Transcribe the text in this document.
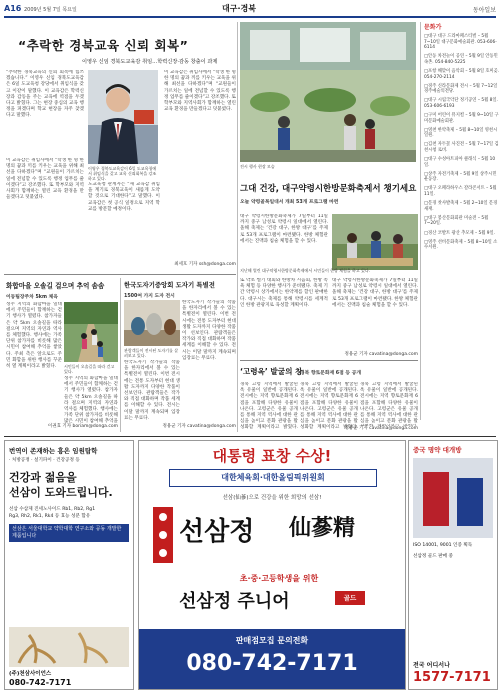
A16 2009년 5월 7일 목요일	대구·경북	동아일보
“추락한 경북교육 신뢰 회복”
이영우 신임 경북도교육감 취임…학력신장·감동 창출이 과제
“추락한 경북교육의 신뢰 회복에 힘쓰겠습니다.” 이영우 신임 경북도교육감은 6일 도교육청 강당에서 취임식을 갖고 이같이 말했다. 이 교육감은 학력신장과 감동을 주는 교육에 역점을 두겠다고 밝혔다. 그는 현장 중심의 교육 행정을 펴겠다며 학교 현장을 자주 찾겠다고 말했다.
이영우 경북도교육감이 6일 도교육청에서 취임식을 갖고 교육 신뢰회복을 강조하고 있다.
이 교육감은 취임사에서 “학생 한 명 한 명의 꿈과 끼를 키우는 교육을 위해 최선을 다하겠다”며 “교원들이 가르치는 일에 전념할 수 있도록 행정 업무를 줄이겠다”고 강조했다. 또 학부모와 지역사회가 함께하는 열린 교육 환경을 만들겠다고 덧붙였다.
도교육청 관계자는 “새 교육감 취임을 계기로 경북교육이 새롭게 도약할 것으로 기대한다”고 말했다. 이 교육감은 첫 공식 일정으로 지역 학교를 방문할 예정이다.
이 교육감은 취임사에서 “학생 한 명 한 명의 꿈과 끼를 키우는 교육을 위해 최선을 다하겠다”며 “교원들이 가르치는 일에 전념할 수 있도록 행정 업무를 줄이겠다”고 강조했다. 또 학부모와 지역사회가 함께하는 열린 교육 환경을 만들겠다고 덧붙였다.
최세호 기자 ssh@donga.com
전시 행사 현장 모습
그대 건강, 대구약령시한방문화축제서 챙기세요
오늘 약령골목일대서 개최 53개 프로그램 마련
지난해 열린 대구약령시한방문화축제에서 시민들이 한방 체험을 하고 있다.
대구 약령시한방문화축제가 7일부터 11일까지 중구 남성로 약령시 일대에서 열린다. 올해 축제는 ‘건강 대구, 한방 대구’를 주제로 53개 프로그램이 마련됐다. 한방 체험관에서는 진맥과 침술 체험을 할 수 있다.
또 약초 썰기 대회와 한방차 시음회, 한방 족욕 체험 등 다양한 행사가 준비됐다. 축제 기간 약령시 상가에서는 한약재를 할인 판매한다. 대구시는 축제를 통해 약령시를 세계적인 한방 관광지로 육성할 계획이다.
대구 약령시한방문화축제가 7일부터 11일까지 중구 남성로 약령시 일대에서 열린다. 올해 축제는 ‘건강 대구, 한방 대구’를 주제로 53개 프로그램이 마련됐다. 한방 체험관에서는 진맥과 침술 체험을 할 수 있다.
정용균 기자 cavatina@donga.com
화합마을 오솔길 걸으며 추억 솜솜
이동팀장주차 5km 체육
성주 지역의 화합마을 일대에서 주민들이 함께하는 걷기 행사가 열렸다. 참가자들은 약 5km 오솔길을 따라 걸으며 지역의 자연과 역사를 체험했다. 행사에는 가족 단위 참가자를 비롯해 많은 시민이 참여해 추억을 쌓았다. 주최 측은 앞으로도 주민 화합을 위한 행사를 꾸준히 열 계획이라고 밝혔다.	시민들이 오솔길을 따라 걷고 있다.
성주 지역의 화합마을 일대에서 주민들이 함께하는 걷기 행사가 열렸다. 참가자들은 약 5km 오솔길을 따라 걸으며 지역의 자연과 역사를 체험했다. 행사에는 가족 단위 참가자를 비롯해 많은 시민이 참여해 추억을
이권효 기자 boriam@donga.com
한국도자기중앙회 도자기 특별전
1500여 가지 도자 전시
관람객들이 전시된 도자기를 살펴보고 있다.
한국도자기 작가들의 작품을 한자리에서 볼 수 있는 특별전이 열린다. 이번 전시에는 전통 도자부터 현대 생활 도자까지 다양한 작품이 선보인다. 관람객들은 작가와 직접 대화하며 작품 세계를 이해할 수 있다. 전시는 이달 말까지 계속되며 입장료는 무료다.
한국도자기 작가들의 작품을 한자리에서 볼 수 있는 특별전이 열린다. 이번 전시에는 전통 도자부터 현대 생활 도자까지 다양한 작품이 선보인다. 관람객들은 작가와 직접 대화하며 작품 세계를 이해할 수 있다. 전시는 이달 말까지 계속되며 입장료는 무료다.
정용균 기자 cavatina@donga.com
‘고령옥’ 발굴의 창
경북 향토문화재 6점 등 공개
경북 고령 지역에서 발굴된 옥 유물이 일반에 공개된다. 전시에는 지역 향토문화재 6점을 포함해 다양한 유물이 나온다. 고령군은 유물 공개를 통해 지역 역사에 대한 관심을 높이고 문화 관광을 활성화할 계획이라고 밝혔다.
경북 고령 지역에서 발굴된 옥 유물이 일반에 공개된다. 전시에는 지역 향토문화재 6점을 포함해 다양한 유물이 나온다. 고령군은 유물 공개를 통해 지역 역사에 대한 관심을 높이고 문화 관광을 활성화할 계획이라고 밝혔다.
경북 고령 지역에서 발굴된 옥 유물이 일반에 공개된다. 전시에는 지역 향토문화재 6점을 포함해 다양한 유물이 나온다. 고령군은 유물 공개를 통해 지역 역사에 대한 관심을 높이고 문화 관광을 활
정용균 기자 cavatina@donga.com
문화가
□대구 대구 드라마페스티벌 – 5월 7~10일 대구문화예술회관. 053-606-6114
□안동 차전놀이 공연 – 5월 9일 안동민속촌. 054-840-5225
□포항 해맞이 음악회 – 5월 8일 호미곶. 054-270-2114
□경주 신라문화제 전시 – 5월 7~12일 경주예술의전당.
□대구 시립국악단 정기공연 – 5월 8일. 053-606-6193
□구미 어린이 뮤지컬 – 5월 9~10일 구미문화예술회관.
□영천 한약축제 – 5월 8~10일 영천시 일원.
□김천 자두꽃 사진전 – 5월 7~17일 김천시청 로비.
□대구 수성아트피아 클래식 – 5월 10일.
□상주 자전거축제 – 5월 9일 상주시민운동장.
□대구 오페라하우스 갈라콘서트 – 5월 11일.
□문경 찻사발축제 – 5월 2~10일 문경새재.
□대구 봉산문화회관 미술전 – 5월 7~20일.
□경산 코발트 광산 추모제 – 5월 9일.
□영주 선비문화축제 – 5월 8~10일 소수서원.
번역이 존재하는 흥은 임원탐학
· 처방공정 · 설기파이 · 건강공정 등
건강과 젊음을
선삼이 도와드립니다.
선삼 수삼제 진세노사이드 Rb1, Rb2, Rg1
Rg3, Rh2, Rk1, Rk4 등 효능 성분 함유
선삼은 서울대학교 약학대학 연구소와 공동 개발한 제품입니다
(주)천삼사이언스
080-742-7171
대통령 표창 수상!
대한체육회·대한올림픽위원회
선삼(仙蔘)으로 건강을 위한 희망의 선삼!
선삼정 仙蔘精
초·중·고등학생을 위한
선삼정 주니어	골드
판매점모집 문의전화
080-742-7171
중국 명약 대개방
ISO 14001, 9001 인증 획득
선삼정 골드 판매 중
전국 어디서나
1577-7171
